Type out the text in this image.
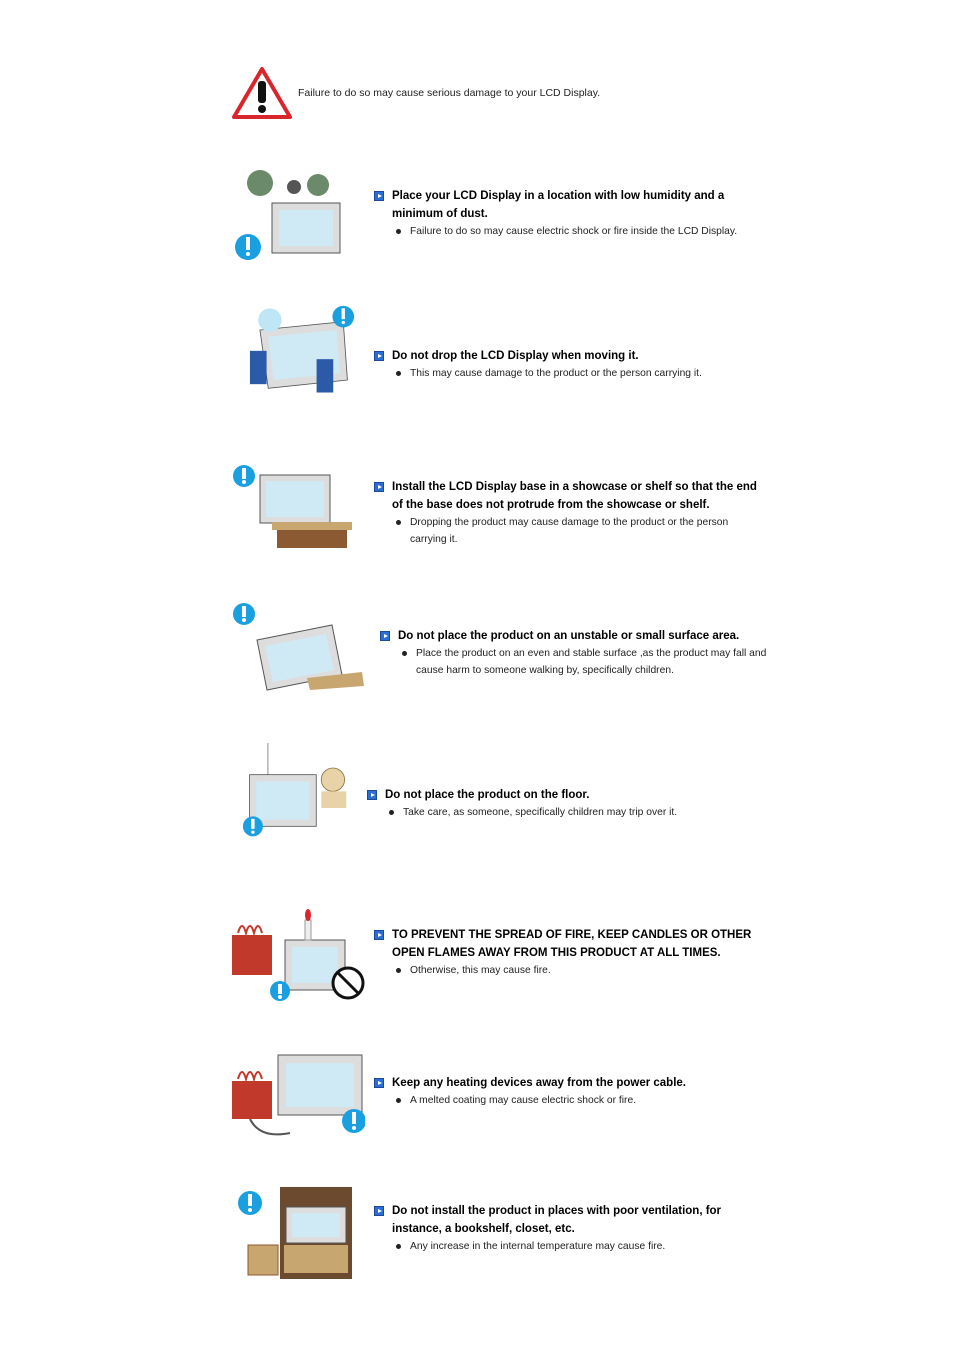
Failure to do so may cause serious damage to your LCD Display.
Place your LCD Display in a location with low humidity and a minimum of dust.
Failure to do so may cause electric shock or fire inside the LCD Display.
Do not drop the LCD Display when moving it.
This may cause damage to the product or the person carrying it.
Install the LCD Display base in a showcase or shelf so that the end of the base does not protrude from the showcase or shelf.
Dropping the product may cause damage to the product or the person carrying it.
Do not place the product on an unstable or small surface area.
Place the product on an even and stable surface ,as the product may fall and cause harm to someone walking by, specifically children.
Do not place the product on the floor.
Take care, as someone, specifically children may trip over it.
TO PREVENT THE SPREAD OF FIRE, KEEP CANDLES OR OTHER OPEN FLAMES AWAY FROM THIS PRODUCT AT ALL TIMES.
Otherwise, this may cause fire.
Keep any heating devices away from the power cable.
A melted coating may cause electric shock or fire.
Do not install the product in places with poor ventilation, for instance, a bookshelf, closet, etc.
Any increase in the internal temperature may cause fire.
